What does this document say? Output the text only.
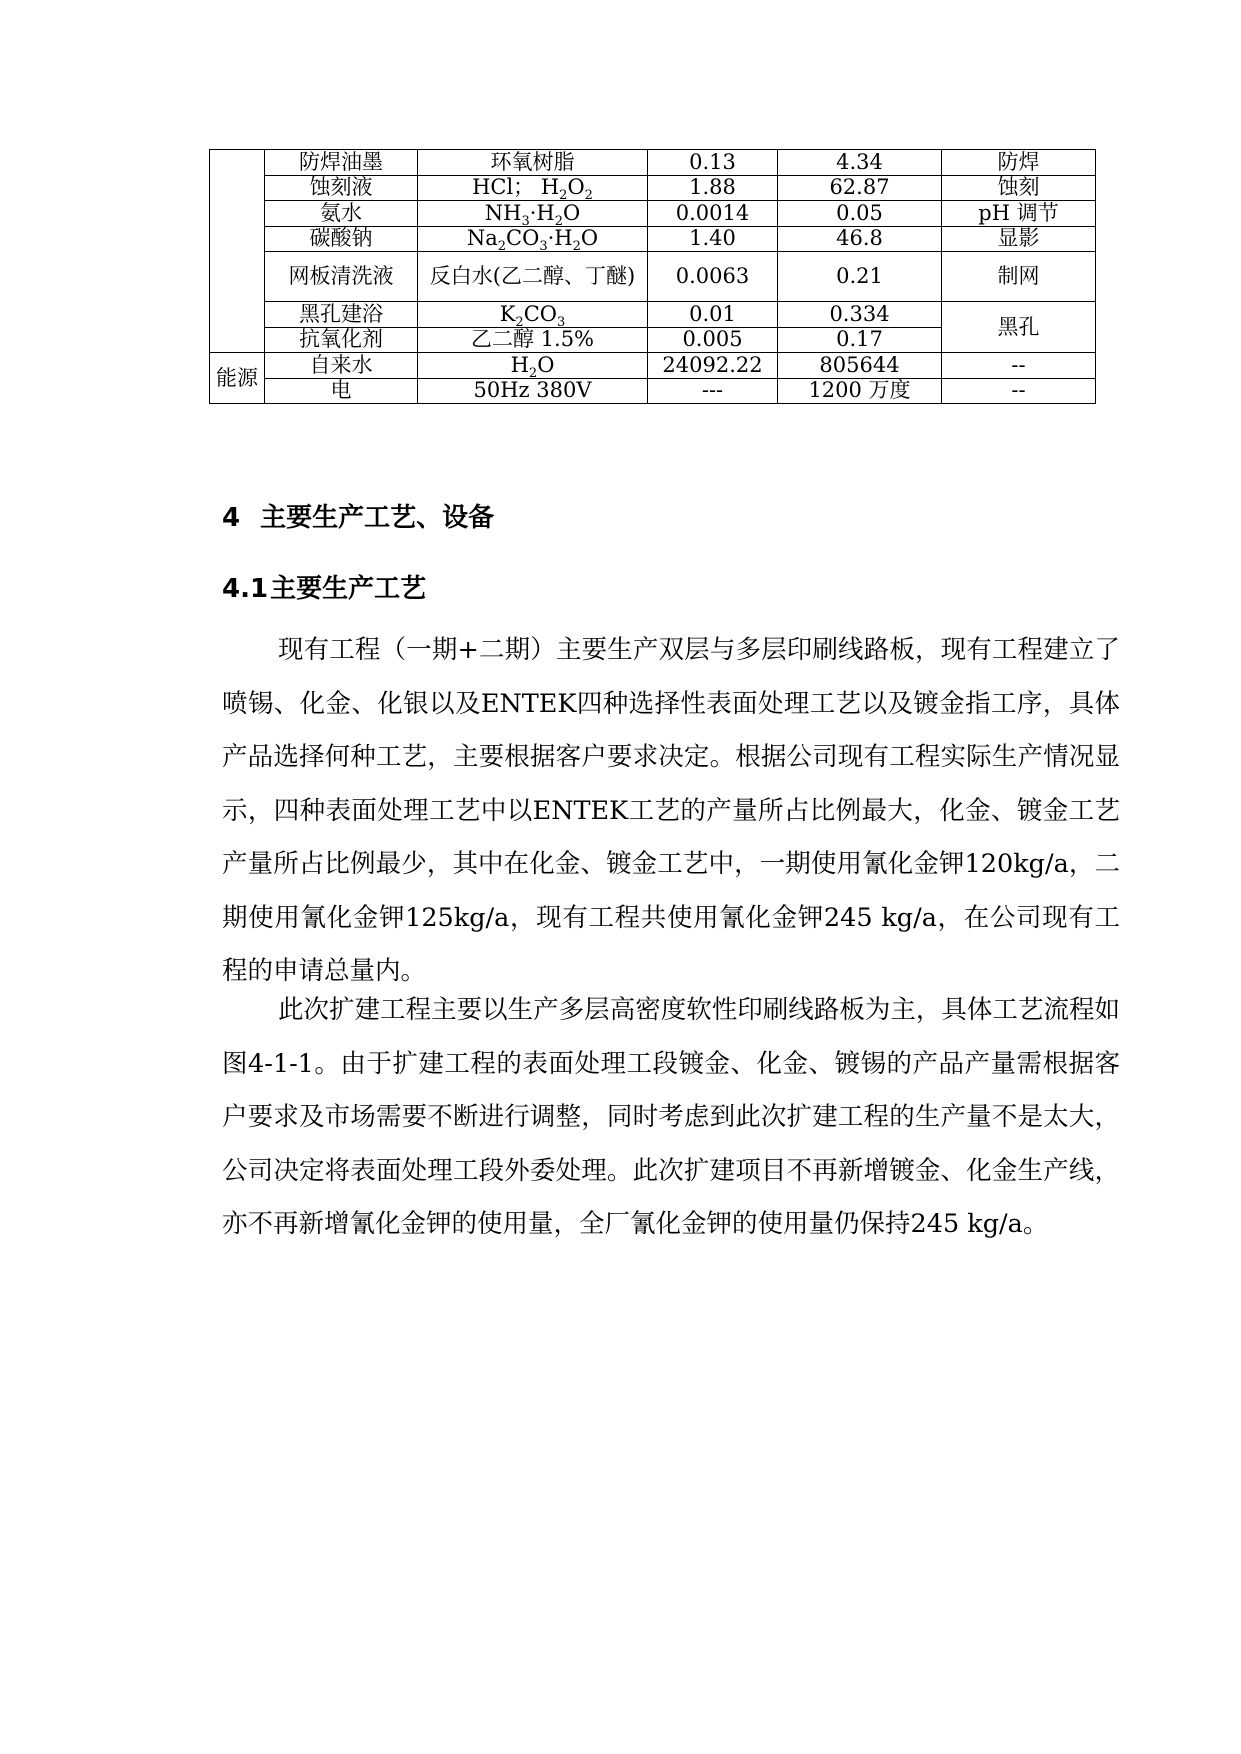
	防焊油墨	环氧树脂	0.13	4.34	防焊
	蚀刻液	HCl； $H_2O_2$	1.88	62.87	蚀刻
	氨水	$NH_3\cdot H_2O$	0.0014	0.05	pH 调节
	碳酸钠	$Na_2CO_3\cdot H_2O$	1.40	46.8	显影
	网板清洗液	反白水(乙二醇、丁醚)	0.0063	0.21	制网
	黑孔建浴	$K_2CO_3$	0.01	0.334	黑孔
	抗氧化剂	乙二醇 1.5%	0.005	0.17	
能源	自来水	$H_2O$	24092.22	805644	--
	电	50Hz 380V	---	1200 万度	--
4 主要生产工艺、设备
4.1主要生产工艺

现有工程（一期+二期）主要生产双层与多层印刷线路板，现有工程建立了喷锡、化金、化银以及ENTEK四种选择性表面处理工艺以及镀金指工序，具体产品选择何种工艺，主要根据客户要求决定。根据公司现有工程实际生产情况显示，四种表面处理工艺中以ENTEK工艺的产量所占比例最大，化金、镀金工艺产量所占比例最少，其中在化金、镀金工艺中，一期使用氰化金钾120kg/a，二期使用氰化金钾125kg/a，现有工程共使用氰化金钾245 kg/a，在公司现有工程的申请总量内。

此次扩建工程主要以生产多层高密度软性印刷线路板为主，具体工艺流程如图4-1-1。由于扩建工程的表面处理工段镀金、化金、镀锡的产品产量需根据客户要求及市场需要不断进行调整，同时考虑到此次扩建工程的生产量不是太大，公司决定将表面处理工段外委处理。此次扩建项目不再新增镀金、化金生产线，亦不再新增氰化金钾的使用量，全厂氰化金钾的使用量仍保持245 kg/a。
